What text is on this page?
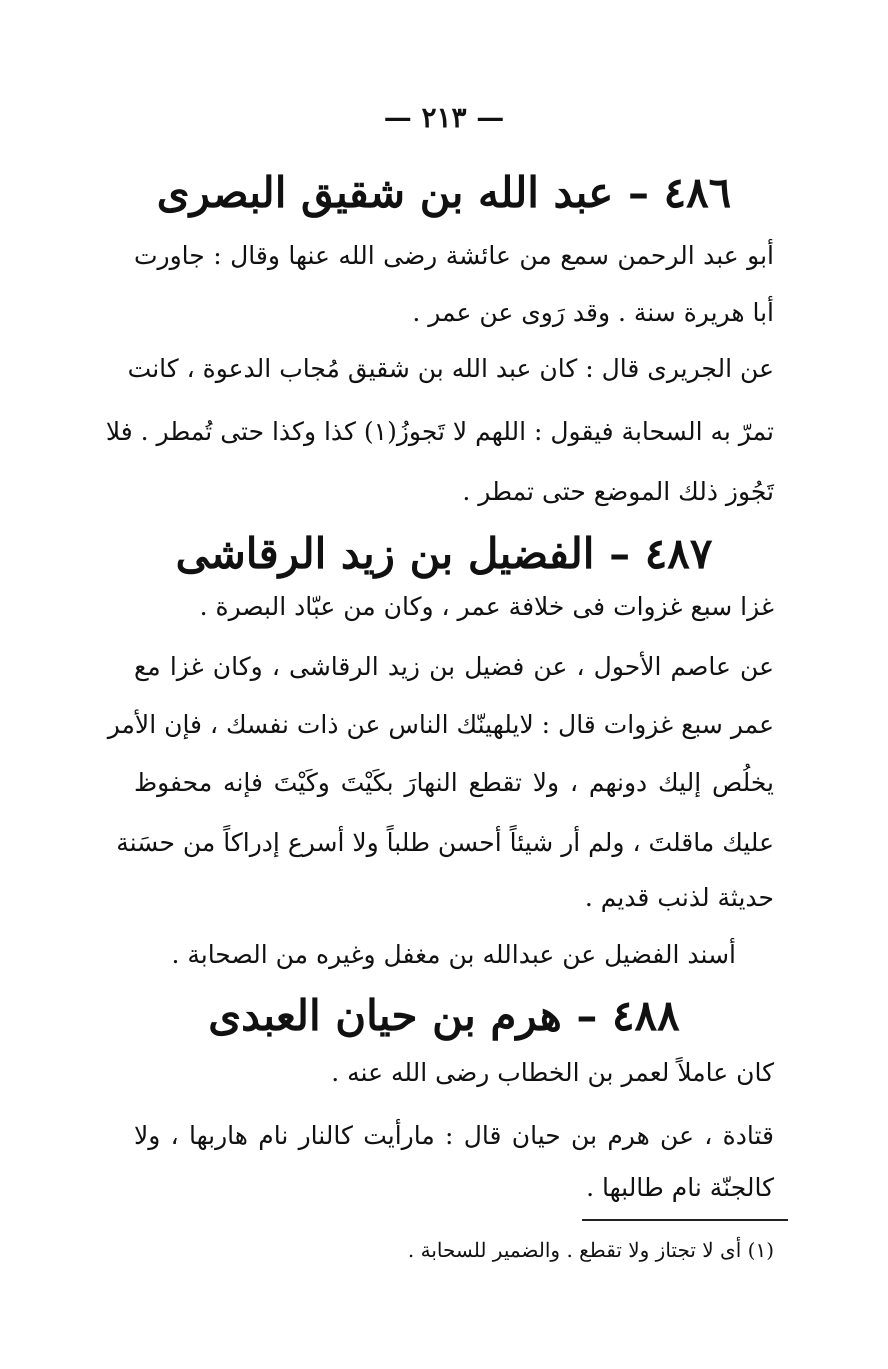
— ٢١٣ —
٤٨٦ – عبد الله بن شقيق البصرى
أبو عبد الرحمن سمع من عائشة رضى الله عنها وقال : جاورت
أبا هريرة سنة . وقد رَوى عن عمر .
عن الجريرى قال : كان عبد الله بن شقيق مُجاب الدعوة ، كانت
تمرّ به السحابة فيقول : اللهم لا تَجوزُ(١) كذا وكذا حتى تُمطر . فلا
تَجُوز ذلك الموضع حتى تمطر .
٤٨٧ – الفضيل بن زيد الرقاشى
غزا سبع غزوات فى خلافة عمر ، وكان من عبّاد البصرة .
عن عاصم الأحول ، عن فضيل بن زيد الرقاشى ، وكان غزا مع
عمر سبع غزوات قال : لايلهينّك الناس عن ذات نفسك ، فإن الأمر
يخلُص إليك دونهم ، ولا تقطع النهارَ بكَيْتَ وكَيْتَ فإنه محفوظ
عليك ماقلتَ ، ولم أر شيئاً أحسن طلباً ولا أسرع إدراكاً من حسَنة
حديثة لذنب قديم .
أسند الفضيل عن عبدالله بن مغفل وغيره من الصحابة .
٤٨٨ – هرم بن حيان العبدى
كان عاملاً لعمر بن الخطاب رضى الله عنه .
قتادة ، عن هرم بن حيان قال : مارأيت كالنار نام هاربها ، ولا
كالجنّة نام طالبها .
(١) أى لا تجتاز ولا تقطع . والضمير للسحابة .
